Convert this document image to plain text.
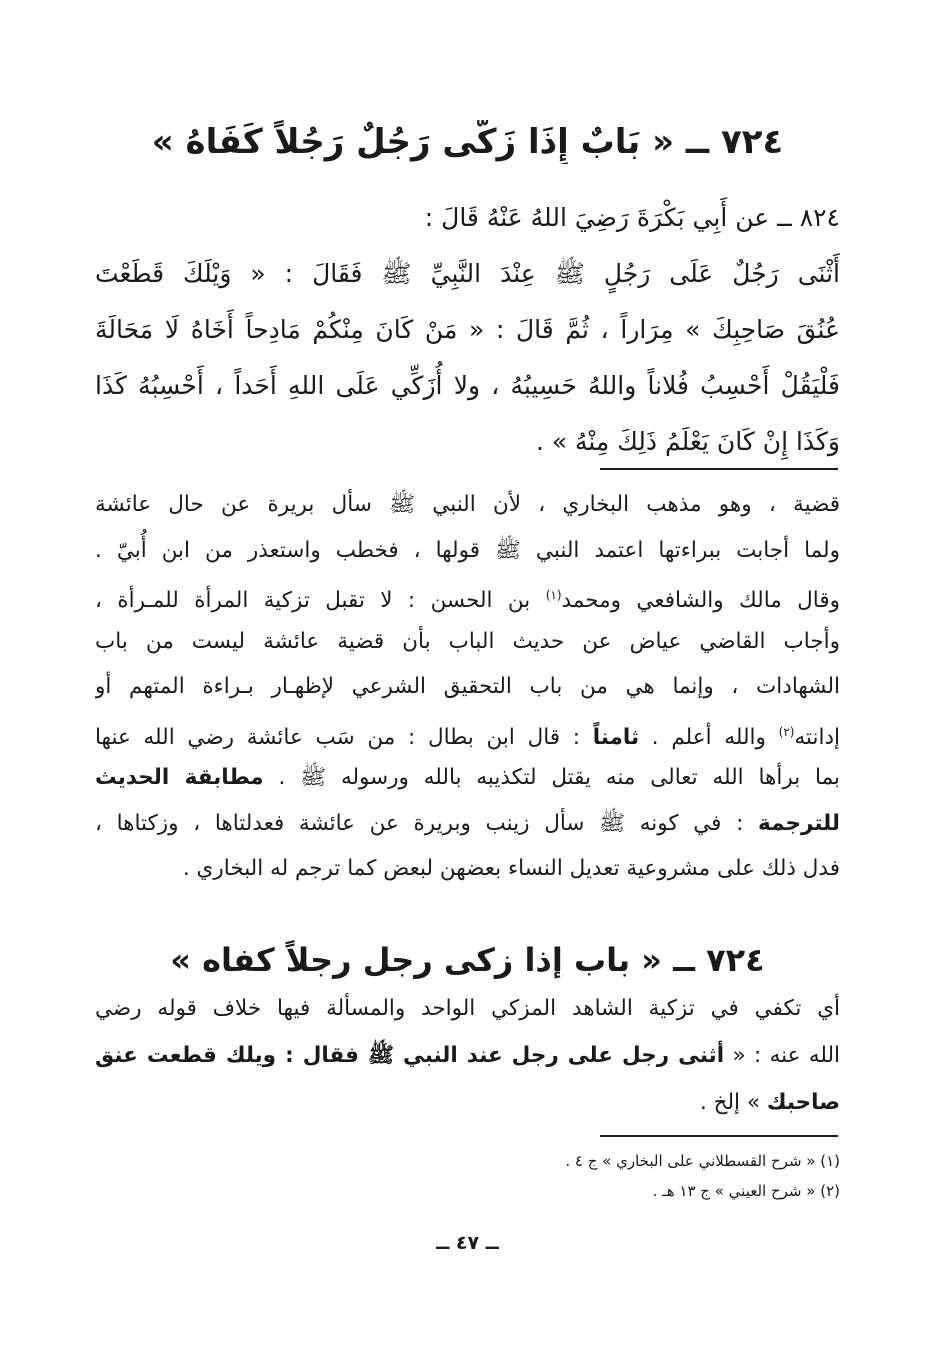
٧٢٤ ــ « بَابٌ إِذَا زَكَّى رَجُلٌ رَجُلاً كَفَاهُ »
٨٢٤ ــ عن أَبِي بَكْرَةَ رَضِيَ اللهُ عَنْهُ قَالَ :
أَثْنَى رَجُلٌ عَلَى رَجُلٍ ﷺ عِنْدَ النَّبِيِّ ﷺ فَقَالَ : « وَيْلَكَ قَطَعْتَ
عُنُقَ صَاحِبِكَ » مِرَاراً ، ثُمَّ قَالَ : « مَنْ كَانَ مِنْكُمْ مَادِحاً أَخَاهُ لَا مَحَالَةَ
فَلْيَقُلْ أَحْسِبُ فُلاناً واللهُ حَسِيبُهُ ، ولا أُزَكِّي عَلَى اللهِ أَحَداً ، أَحْسِبُهُ كَذَا
وَكَذَا إِنْ كَانَ يَعْلَمُ ذَلِكَ مِنْهُ » .
قضية ، وهو مذهب البخاري ، لأن النبي ﷺ سأل بريرة عن حال عائشة
ولما أجابت ببراءتها اعتمد النبي ﷺ قولها ، فخطب واستعذر من ابن أُبيّ .
وقال مالك والشافعي ومحمد$^{(١)}$ بن الحسن : لا تقبل تزكية المرأة للمـرأة ،
وأجاب القاضي عياض عن حديث الباب بأن قضية عائشة ليست من باب
الشهادات ، وإنما هي من باب التحقيق الشرعي لإظهـار بـراءة المتهم أو
إدانته$^{(٢)}$ والله أعلم . ثامناً : قال ابن بطال : من سَب عائشة رضي الله عنها
بما برأها الله تعالى منه يقتل لتكذيبه بالله ورسوله ﷺ . مطابقة الحديث
للترجمة : في كونه ﷺ سأل زينب وبريرة عن عائشة فعدلتاها ، وزكتاها ،
فدل ذلك على مشروعية تعديل النساء بعضهن لبعض كما ترجم له البخاري .
٧٢٤ ــ « باب إذا زكى رجل رجلاً كفاه »
أي تكفي في تزكية الشاهد المزكي الواحد والمسألة فيها خلاف قوله رضي
الله عنه : « أثنى رجل على رجل عند النبي ﷺ فقال : ويلك قطعت عنق
صاحبك » إلخ .
(١) « شرح القسطلاني على البخاري » ج ٤ .
(٢) « شرح العيني » ج ١٣ هـ .
ــ ٤٧ ــ
